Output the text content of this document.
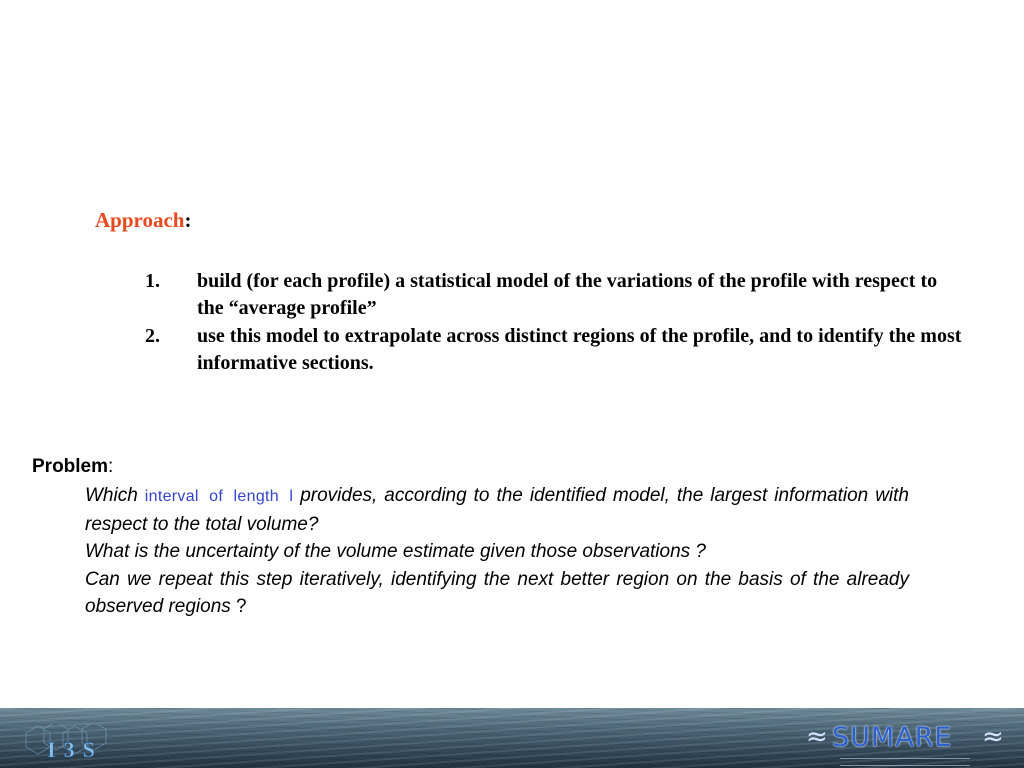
Approach:
1. build (for each profile) a statistical model of the variations of the profile with respect to the “average profile”
2. use this model to extrapolate across distinct regions of the profile, and to identify the most informative sections.
Problem:

Which interval of length l provides, according to the identified model, the largest information with respect to the total volume?

What is the uncertainty of the volume estimate given those observations ?

Can we repeat this step iteratively, identifying the next better region on the basis of the already observed regions ?

I3S	≈ SUMARE ≈
